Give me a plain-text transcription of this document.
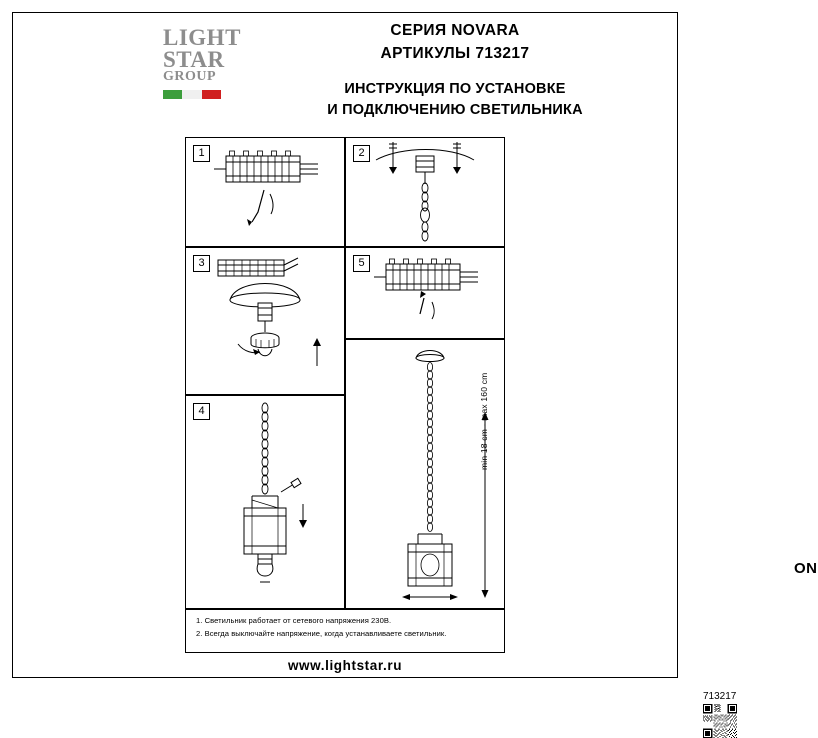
LIGHT
STAR
GROUP
СЕРИЯ NOVARA
АРТИКУЛЫ 713217
ИНСТРУКЦИЯ ПО УСТАНОВКЕ
И ПОДКЛЮЧЕНИЮ СВЕТИЛЬНИКА
1	2
3	5
ON
4
713217
min 18 cm - max 160 cm
1. Светильник работает от сетевого напряжения 230В.
2. Всегда выключайте напряжение, когда устанавливаете светильник.
www.lightstar.ru
